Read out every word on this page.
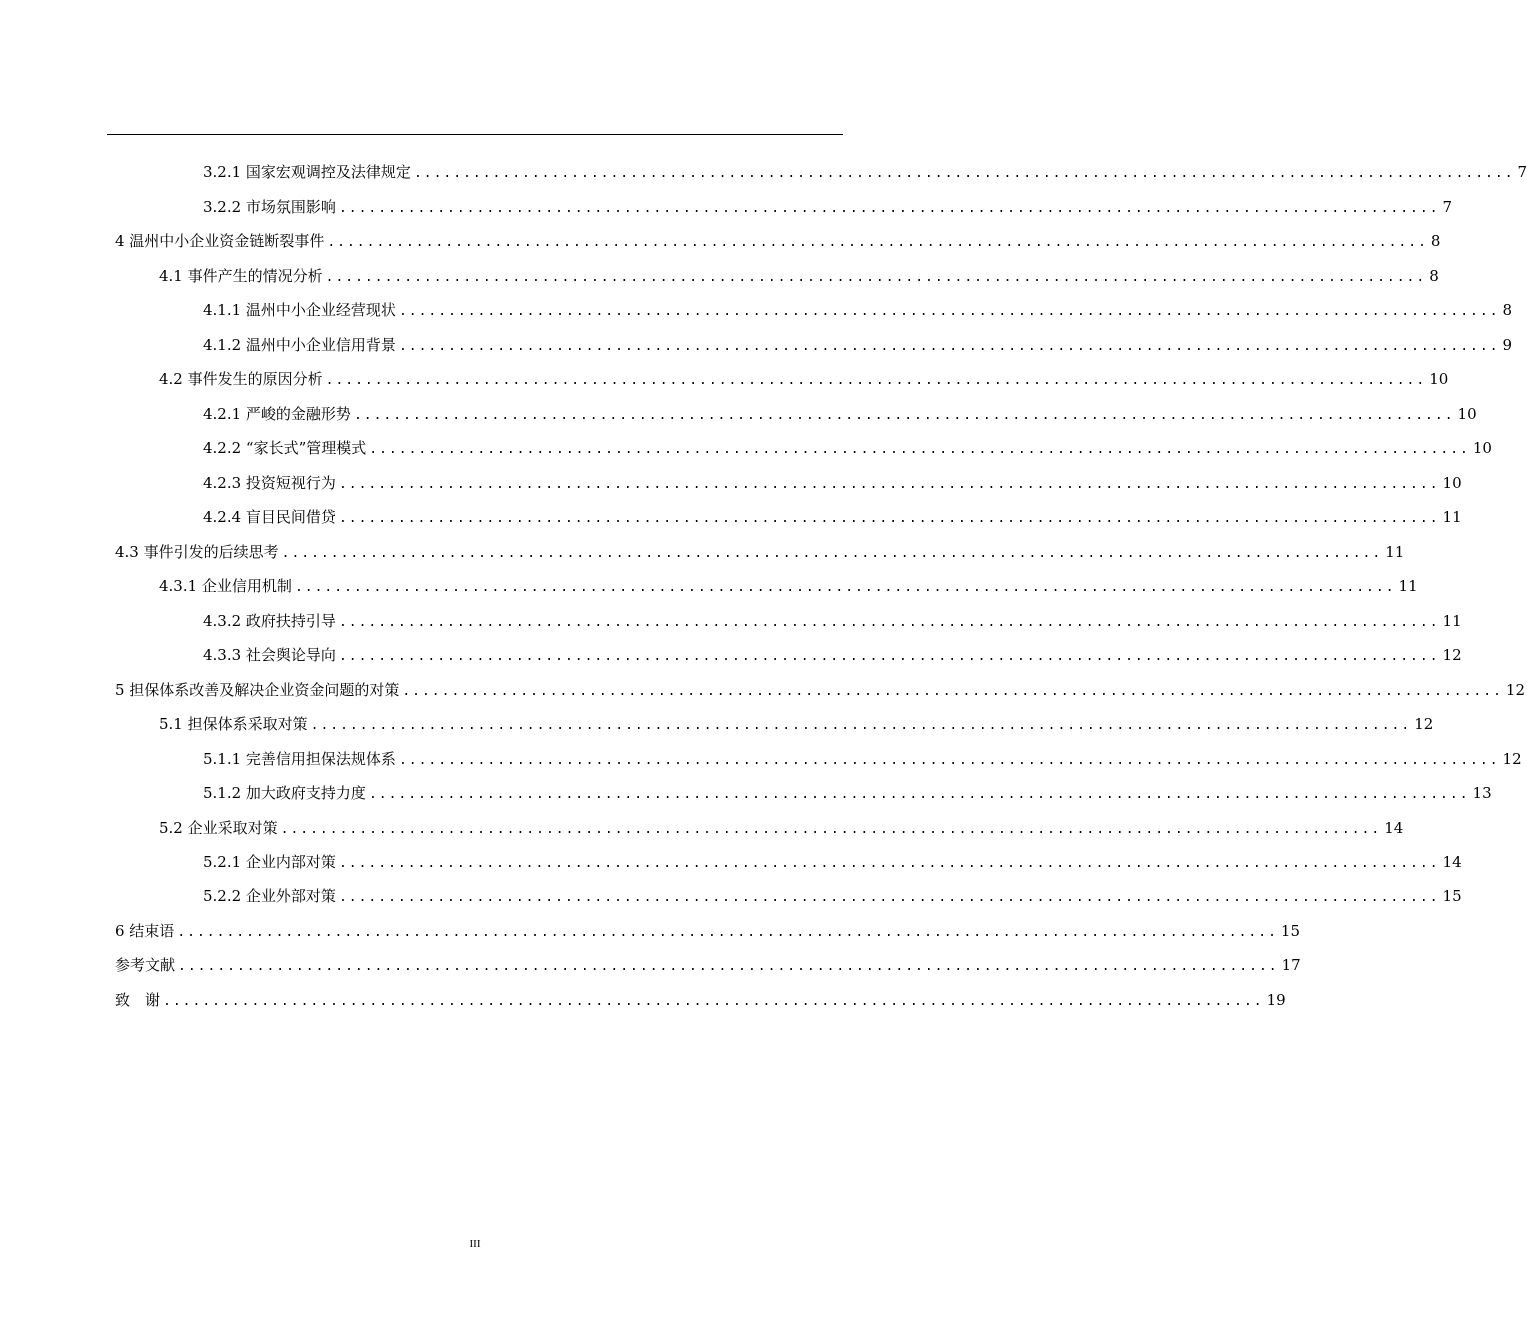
3.2.1 国家宏观调控及法律规定 ................................................................................................................ 7
3.2.2 市场氛围影响 ................................................................................................................ 7
4 温州中小企业资金链断裂事件 ................................................................................................................ 8
4.1 事件产生的情况分析 ................................................................................................................ 8
4.1.1 温州中小企业经营现状 ................................................................................................................ 8
4.1.2 温州中小企业信用背景 ................................................................................................................ 9
4.2 事件发生的原因分析 ................................................................................................................ 10
4.2.1 严峻的金融形势 ................................................................................................................ 10
4.2.2 “家长式”管理模式 ................................................................................................................ 10
4.2.3 投资短视行为 ................................................................................................................ 10
4.2.4 盲目民间借贷 ................................................................................................................ 11
4.3 事件引发的后续思考 ................................................................................................................ 11
4.3.1 企业信用机制 ................................................................................................................ 11
4.3.2 政府扶持引导 ................................................................................................................ 11
4.3.3 社会舆论导向 ................................................................................................................ 12
5 担保体系改善及解决企业资金问题的对策 ................................................................................................................ 12
5.1 担保体系采取对策 ................................................................................................................ 12
5.1.1 完善信用担保法规体系 ................................................................................................................ 12
5.1.2 加大政府支持力度 ................................................................................................................ 13
5.2 企业采取对策 ................................................................................................................ 14
5.2.1 企业内部对策 ................................................................................................................ 14
5.2.2 企业外部对策 ................................................................................................................ 15
6 结束语 ................................................................................................................ 15
参考文献 ................................................................................................................ 17
致　谢 ................................................................................................................ 19
III
